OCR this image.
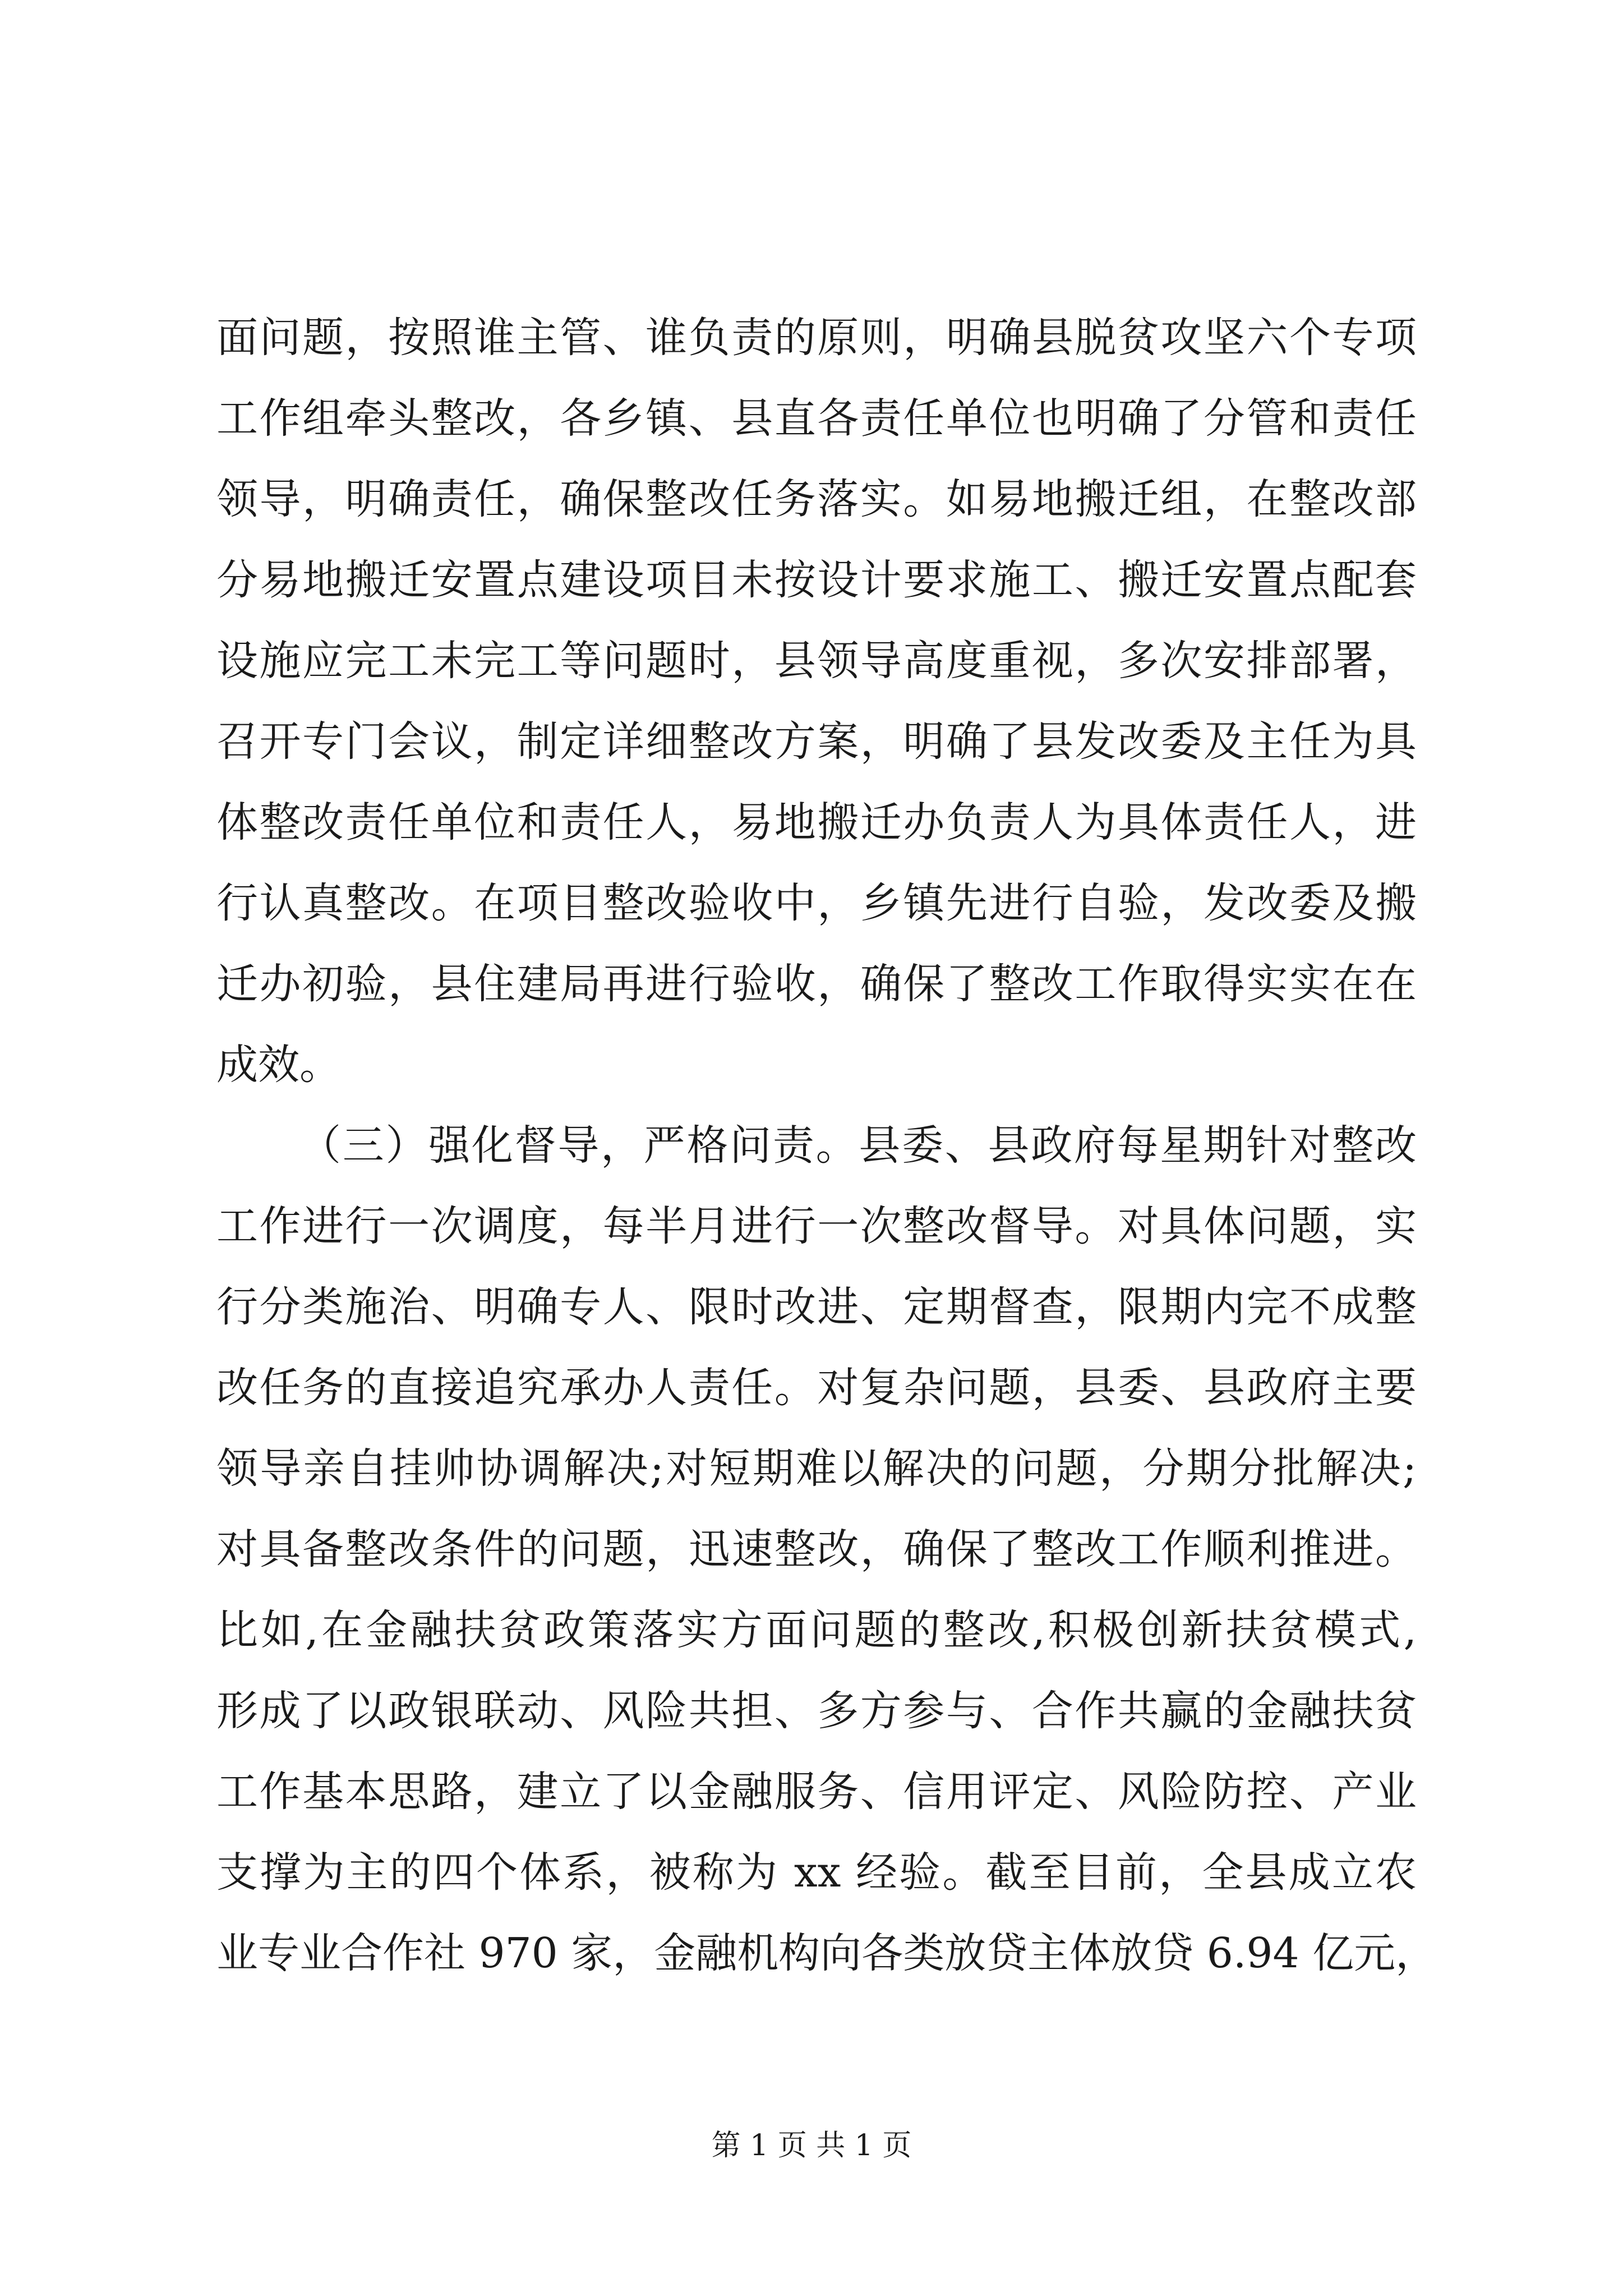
面问题，按照谁主管、谁负责的原则，明确县脱贫攻坚六个专项
工作组牵头整改，各乡镇、县直各责任单位也明确了分管和责任
领导，明确责任，确保整改任务落实。如易地搬迁组，在整改部
分易地搬迁安置点建设项目未按设计要求施工、搬迁安置点配套
设施应完工未完工等问题时，县领导高度重视，多次安排部署，
召开专门会议，制定详细整改方案，明确了县发改委及主任为具
体整改责任单位和责任人，易地搬迁办负责人为具体责任人，进
行认真整改。在项目整改验收中，乡镇先进行自验，发改委及搬
迁办初验，县住建局再进行验收，确保了整改工作取得实实在在
成效。
（三）强化督导，严格问责。县委、县政府每星期针对整改
工作进行一次调度，每半月进行一次整改督导。对具体问题，实
行分类施治、明确专人、限时改进、定期督查，限期内完不成整
改任务的直接追究承办人责任。对复杂问题，县委、县政府主要
领导亲自挂帅协调解决;对短期难以解决的问题，分期分批解决;
对具备整改条件的问题，迅速整改，确保了整改工作顺利推进。
比如,在金融扶贫政策落实方面问题的整改,积极创新扶贫模式,
形成了以政银联动、风险共担、多方参与、合作共赢的金融扶贫
工作基本思路，建立了以金融服务、信用评定、风险防控、产业
支撑为主的四个体系，被称为 xx 经验。截至目前，全县成立农
业专业合作社 970 家，金融机构向各类放贷主体放贷 6.94 亿元，
第 1 页 共 1 页
